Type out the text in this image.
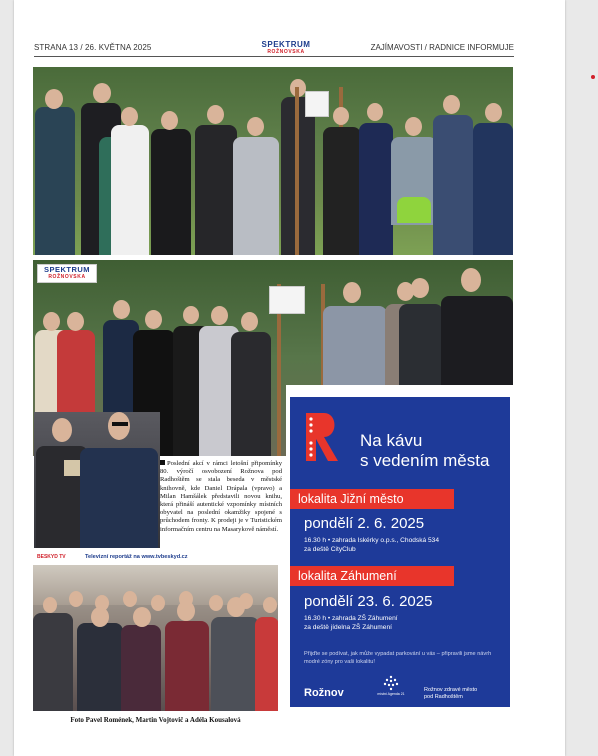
STRANA 13 / 26. KVĚTNA 2025	SPEKTRUM
ROŽNOVSKA	ZAJÍMAVOSTI / RADNICE INFORMUJE
SPEKTRUM
ROŽNOVSKA
Poslední akcí v rámci letošní připomínky 80. výročí osvobození Rožnova pod Radhoštěm se stala beseda v městské knihovně, kde Daniel Drápala (vpravo) a Milan Hamšálek představili novou knihu, která přináší autentické vzpomínky místních obyvatel na poslední okamžiky spojené s průchodem fronty. K prodeji je v Turistickém informačním centru na Masarykově náměstí.
BESKYD TV	Televizní reportáž na www.tvbeskyd.cz
Foto Pavel Romének, Martin Vojtovič a Adéla Kousalová
Na kávu
s vedením města
lokalita Jižní město
pondělí 2. 6. 2025
16.30 h • zahrada Iskérky o.p.s., Chodská 534
za deště CityClub
lokalita Záhumení
pondělí 23. 6. 2025
16.30 h • zahrada ZŠ Záhumení
za deště jídelna ZŠ Záhumení
Přijďte se podívat, jak může vypadat parkování u vás – připravili jsme návrh modré zóny pro vaši lokalitu!
Rožnov	místní Agenda 21
Rožnov zdravé město
pod Radhoštěm
